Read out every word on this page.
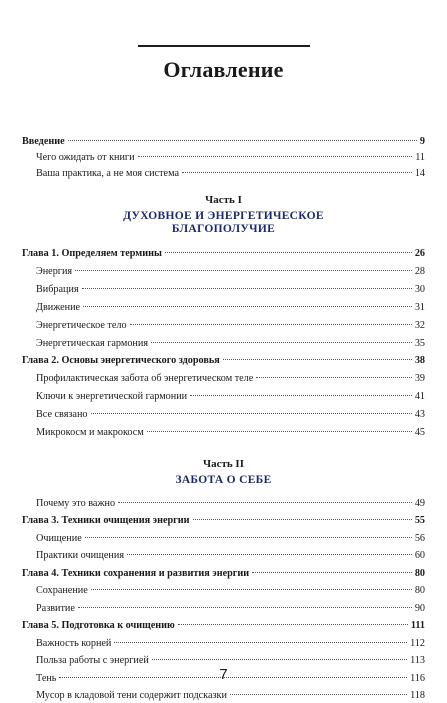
Оглавление
Введение	9
Чего ожидать от книги	11
Ваша практика, а не моя система	14
Глава 1. Определяем термины	26
Энергия	28
Вибрация	30
Движение	31
Энергетическое тело	32
Энергетическая гармония	35
Глава 2. Основы энергетического здоровья	38
Профилактическая забота об энергетическом теле	39
Ключи к энергетической гармонии	41
Все связано	43
Микрокосм и макрокосм	45
Почему это важно	49
Глава 3. Техники очищения энергии	55
Очищение	56
Практики очищения	60
Глава 4. Техники сохранения и развития энергии	80
Сохранение	80
Развитие	90
Глава 5. Подготовка к очищению	111
Важность корней	112
Польза работы с энергией	113
Тень	116
Мусор в кладовой тени содержит подсказки	118
Часть I
ДУХОВНОЕ И ЭНЕРГЕТИЧЕСКОЕ
БЛАГОПОЛУЧИЕ
Часть II
ЗАБОТА О СЕБЕ
7
